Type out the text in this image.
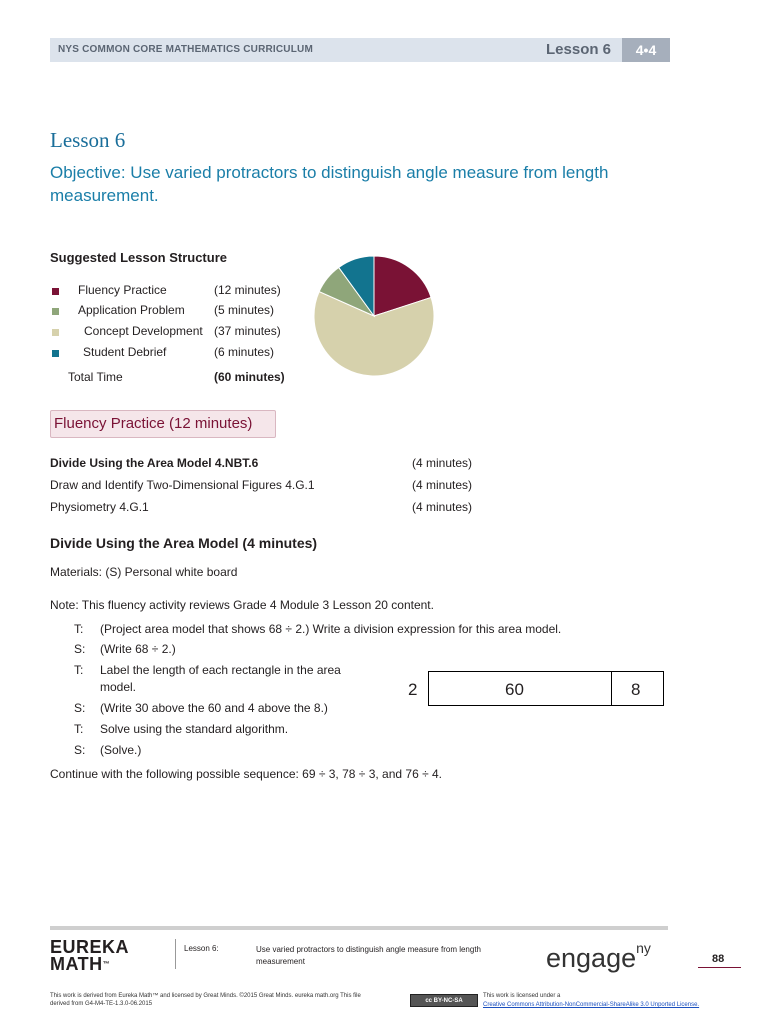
NYS COMMON CORE MATHEMATICS CURRICULUM	Lesson 6	4•4
Lesson 6
Objective: Use varied protractors to distinguish angle measure from length measurement.
Suggested Lesson Structure
Fluency Practice	(12 minutes)
Application Problem (5 minutes)
Concept Development (37 minutes)
Student Debrief	(6 minutes)
Total Time	(60 minutes)
Fluency Practice (12 minutes)
Divide Using the Area Model 4.NBT.6	(4 minutes)
Draw and Identify Two-Dimensional Figures 4.G.1	(4 minutes)
Physiometry 4.G.1	(4 minutes)
Divide Using the Area Model (4 minutes)
Materials: (S) Personal white board
Note: This fluency activity reviews Grade 4 Module 3 Lesson 20 content.
T: (Project area model that shows 68 ÷ 2.) Write a division expression for this area model.
S: (Write 68 ÷ 2.)
T: Label the length of each rectangle in the area model.
S: (Write 30 above the 60 and 4 above the 8.)
T: Solve using the standard algorithm.
S: (Solve.)
Continue with the following possible sequence: 69 ÷ 3, 78 ÷ 3, and 76 ÷ 4.
2	60	8
EUREKA
MATH™
Lesson 6:	Use varied protractors to distinguish angle measure from length measurement	engage$^{ny}$
88
This work is derived from Eureka Math™ and licensed by Great Minds. ©2015 Great Minds. eureka math.org This file derived from G4-M4-TE-1.3.0-06.2015	cc BY-NC-SA
This work is licensed under a
Creative Commons Attribution-NonCommercial-ShareAlike 3.0 Unported License.
